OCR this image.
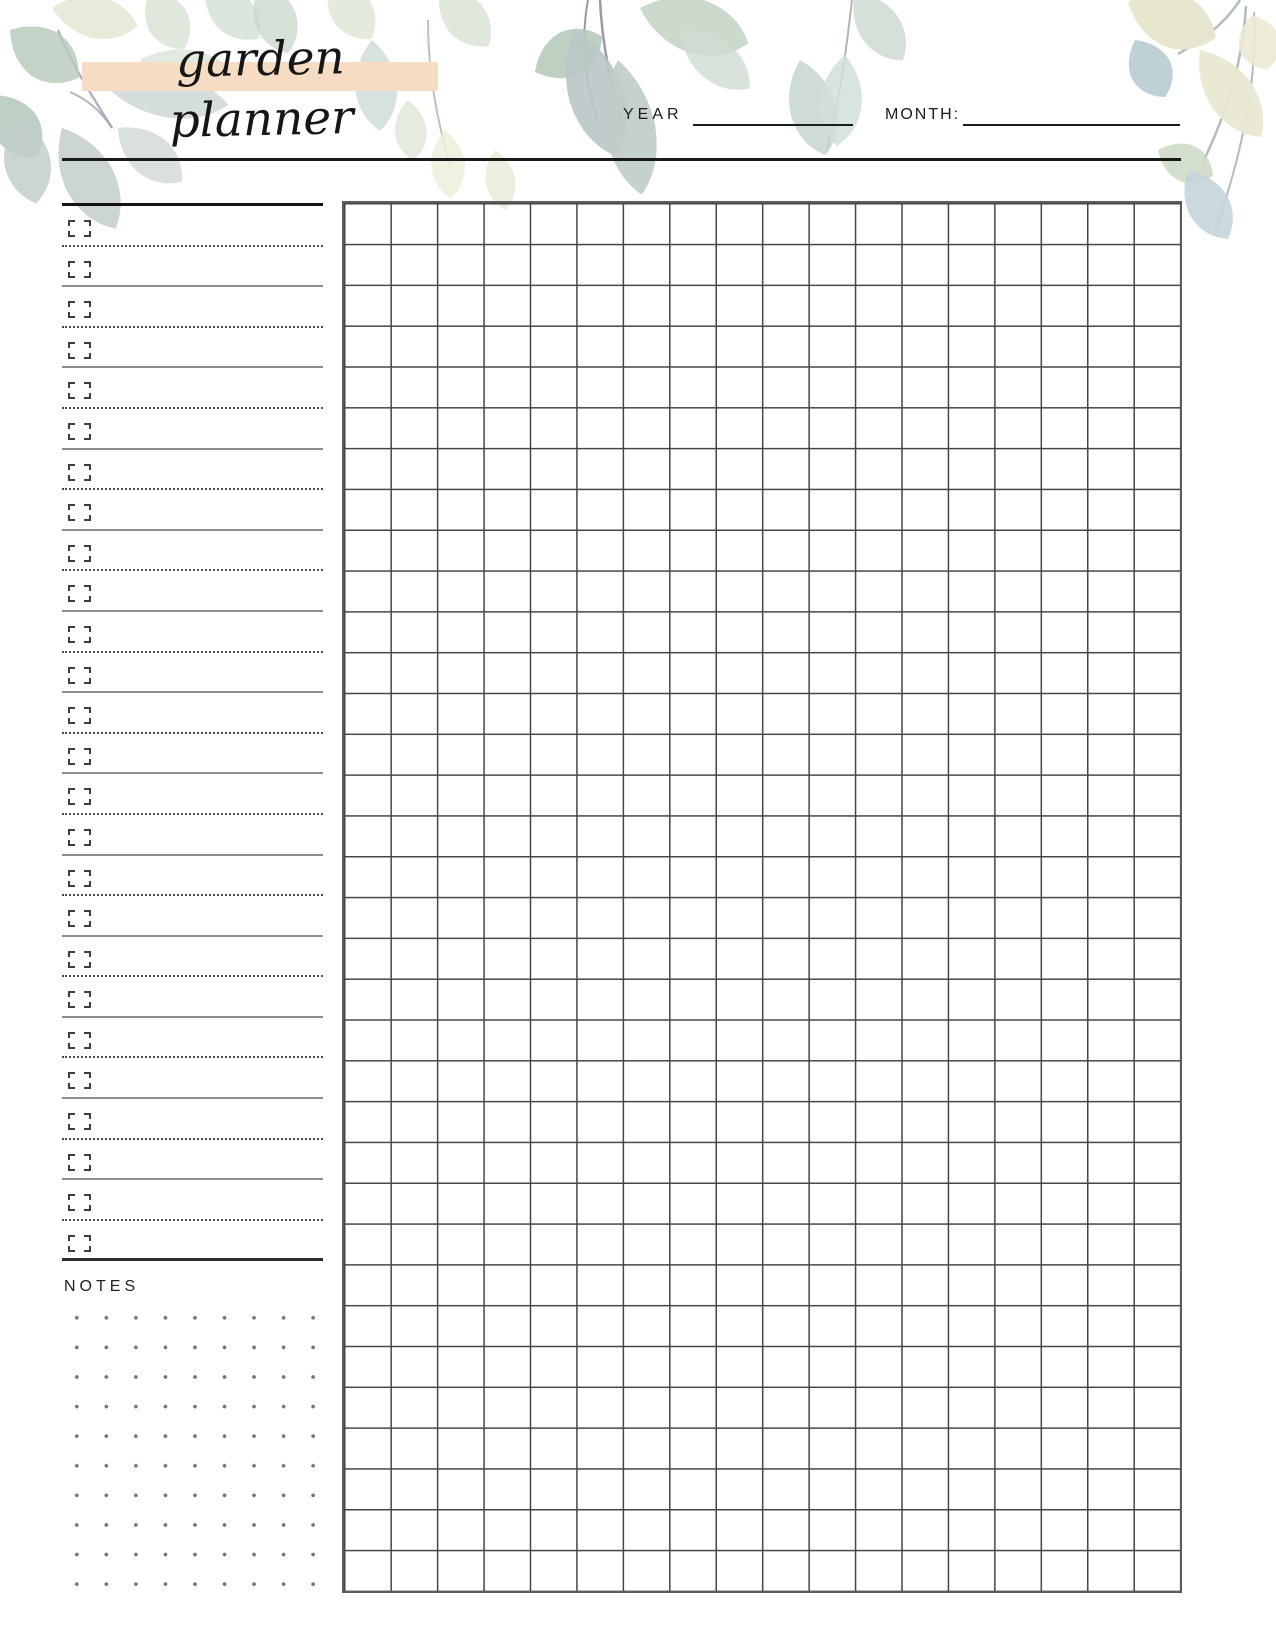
garden planner	YEAR	MONTH:
NOTES
